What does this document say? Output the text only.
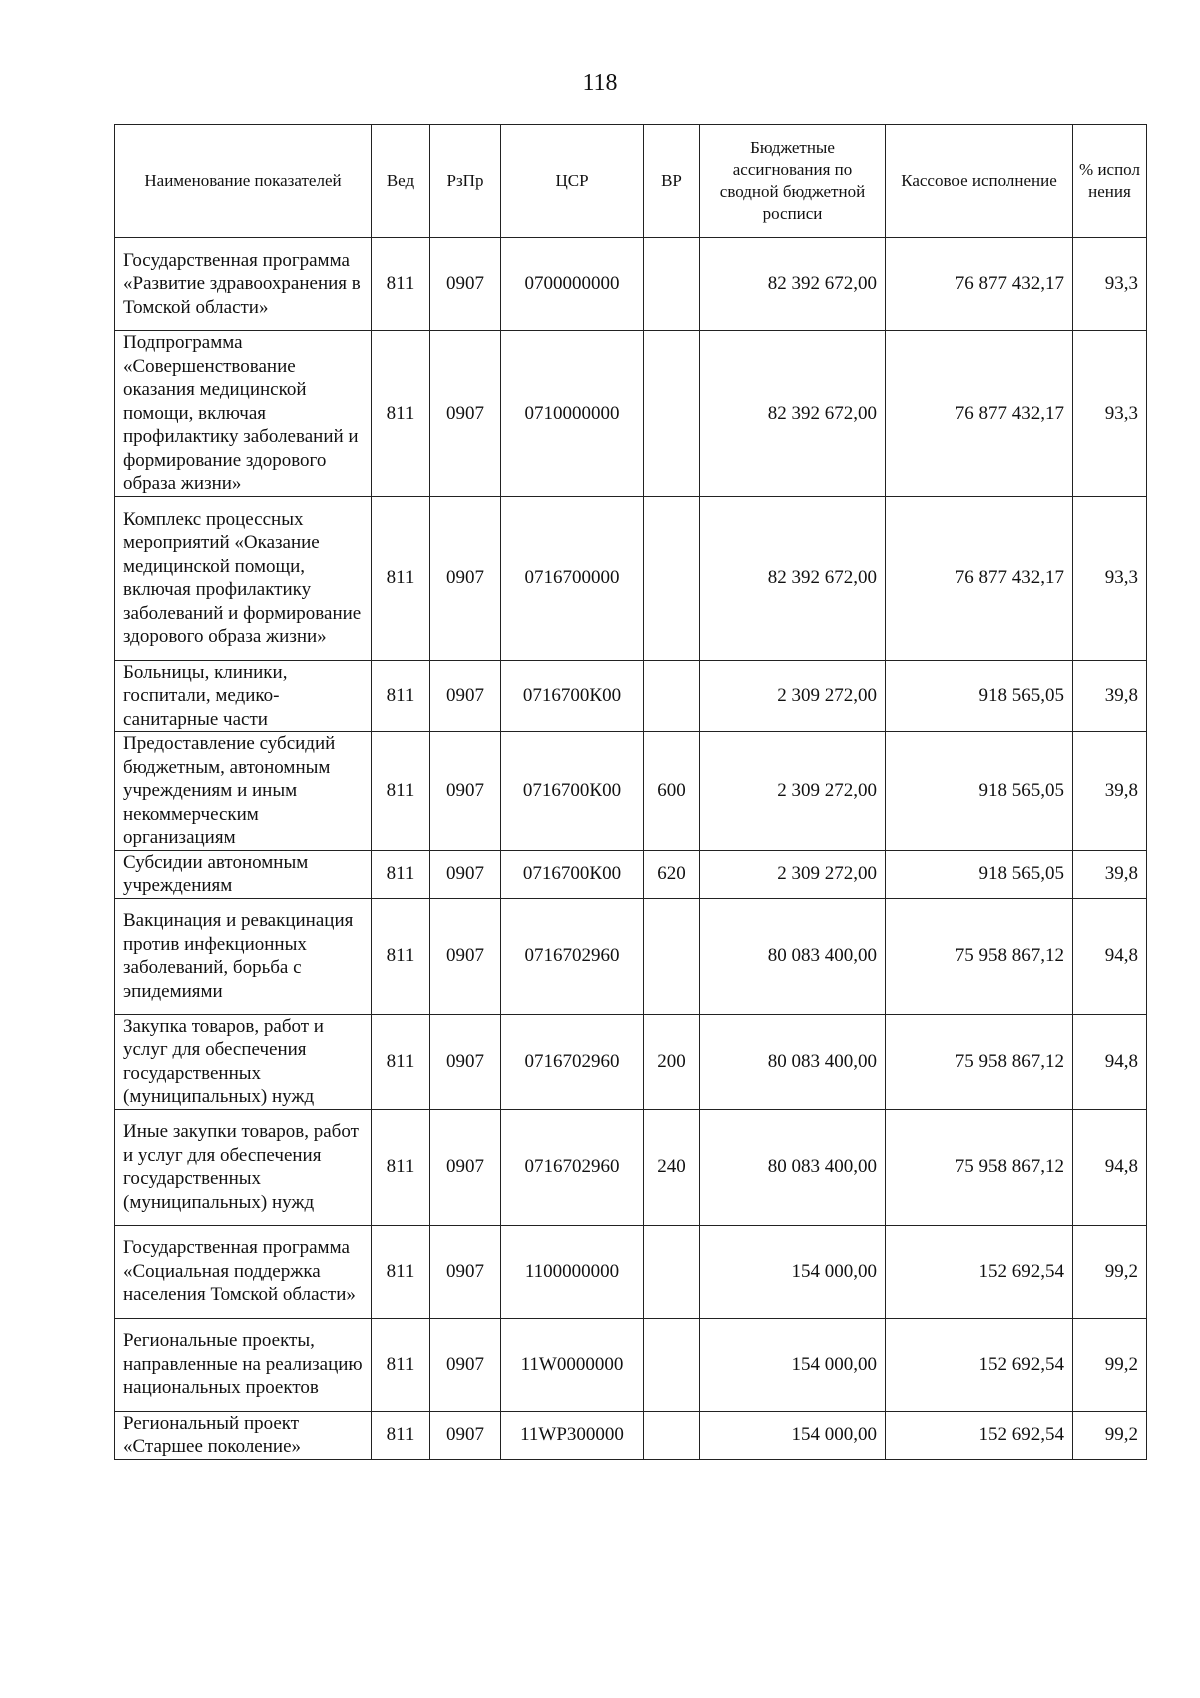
118
Наименование показателей	Вед	РзПр	ЦСР	ВР	Бюджетные ассигнования по сводной бюджетной росписи	Кассовое исполнение	% испол нения
Государственная программа «Развитие здравоохранения в Томской области»	811	0907	0700000000		82 392 672,00	76 877 432,17	93,3
Подпрограмма «Совершенствование оказания медицинской помощи, включая профилактику заболеваний и формирование здорового образа жизни»	811	0907	0710000000		82 392 672,00	76 877 432,17	93,3
Комплекс процессных мероприятий «Оказание медицинской помощи, включая профилактику заболеваний и формирование здорового образа жизни»	811	0907	0716700000		82 392 672,00	76 877 432,17	93,3
Больницы, клиники, госпитали, медико-санитарные части	811	0907	0716700К00		2 309 272,00	918 565,05	39,8
Предоставление субсидий бюджетным, автономным учреждениям и иным некоммерческим организациям	811	0907	0716700К00	600	2 309 272,00	918 565,05	39,8
Субсидии автономным учреждениям	811	0907	0716700К00	620	2 309 272,00	918 565,05	39,8
Вакцинация и ревакцинация против инфекционных заболеваний, борьба с эпидемиями	811	0907	0716702960		80 083 400,00	75 958 867,12	94,8
Закупка товаров, работ и услуг для обеспечения государственных (муниципальных) нужд	811	0907	0716702960	200	80 083 400,00	75 958 867,12	94,8
Иные закупки товаров, работ и услуг для обеспечения государственных (муниципальных) нужд	811	0907	0716702960	240	80 083 400,00	75 958 867,12	94,8
Государственная программа «Социальная поддержка населения Томской области»	811	0907	1100000000		154 000,00	152 692,54	99,2
Региональные проекты, направленные на реализацию национальных проектов	811	0907	11W0000000		154 000,00	152 692,54	99,2
Региональный проект «Старшее поколение»	811	0907	11WP300000		154 000,00	152 692,54	99,2
